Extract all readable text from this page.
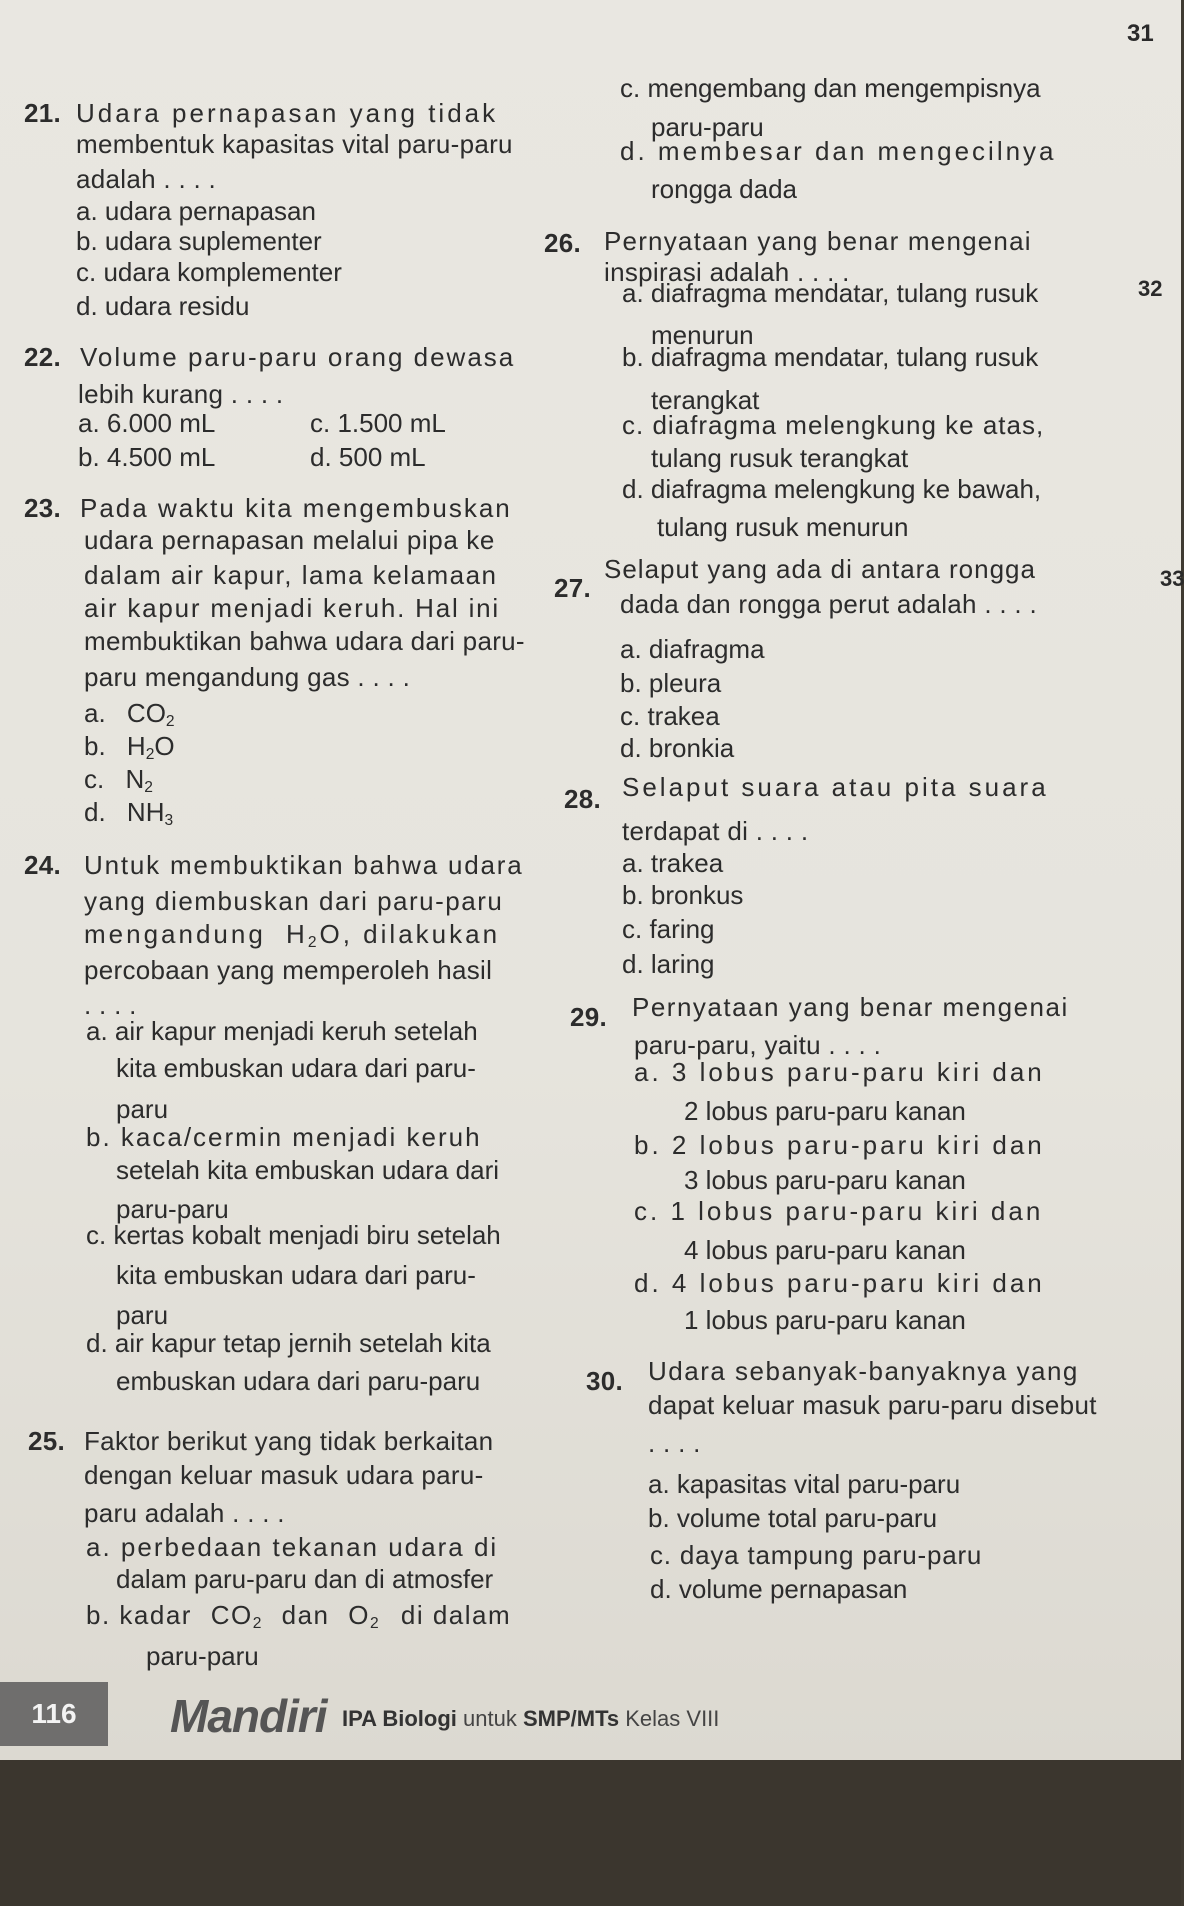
31
32
33
21. Udara pernapasan yang tidak
membentuk kapasitas vital paru-paru
adalah . . . .
a. udara pernapasan
b. udara suplementer
c. udara komplementer
d. udara residu
c. mengembang dan mengempisnya
paru-paru
d. membesar dan mengecilnya
rongga dada
22. Volume paru-paru orang dewasa
lebih kurang . . . .
a. 6.000 mL	c. 1.500 mL
b. 4.500 mL	d. 500 mL
23. Pada waktu kita mengembuskan
udara pernapasan melalui pipa ke
dalam air kapur, lama kelamaan
air kapur menjadi keruh. Hal ini
membuktikan bahwa udara dari paru-
paru mengandung gas . . . .
a. $CO_2$
b. $H_2O$
c. $N_2$
d. $NH_3$
24. Untuk membuktikan bahwa udara
yang diembuskan dari paru-paru
mengandung $H_2O$, dilakukan
percobaan yang memperoleh hasil
. . . .
a. air kapur menjadi keruh setelah
kita embuskan udara dari paru-
paru
b. kaca/cermin menjadi keruh
setelah kita embuskan udara dari
paru-paru
c. kertas kobalt menjadi biru setelah
kita embuskan udara dari paru-
paru
d. air kapur tetap jernih setelah kita
embuskan udara dari paru-paru
25. Faktor berikut yang tidak berkaitan
dengan keluar masuk udara paru-
paru adalah . . . .
a. perbedaan tekanan udara di
dalam paru-paru dan di atmosfer
b. kadar $CO_2$ dan $O_2$ di dalam
paru-paru
26. Pernyataan yang benar mengenai
inspirasi adalah . . . .
a. diafragma mendatar, tulang rusuk
menurun
b. diafragma mendatar, tulang rusuk
terangkat
c. diafragma melengkung ke atas,
tulang rusuk terangkat
d. diafragma melengkung ke bawah,
tulang rusuk menurun
27.
Selaput yang ada di antara rongga
dada dan rongga perut adalah . . . .
a. diafragma
b. pleura
c. trakea
d. bronkia
28. Selaput suara atau pita suara
terdapat di . . . .
a. trakea
b. bronkus
c. faring
d. laring
29. Pernyataan yang benar mengenai
paru-paru, yaitu . . . .
a. 3 lobus paru-paru kiri dan
2 lobus paru-paru kanan
b. 2 lobus paru-paru kiri dan
3 lobus paru-paru kanan
c. 1 lobus paru-paru kiri dan
4 lobus paru-paru kanan
d. 4 lobus paru-paru kiri dan
1 lobus paru-paru kanan
30. Udara sebanyak-banyaknya yang
dapat keluar masuk paru-paru disebut
. . . .
a. kapasitas vital paru-paru
b. volume total paru-paru
c. daya tampung paru-paru
d. volume pernapasan
116	Mandiri IPA Biologi untuk SMP/MTs Kelas VIII
